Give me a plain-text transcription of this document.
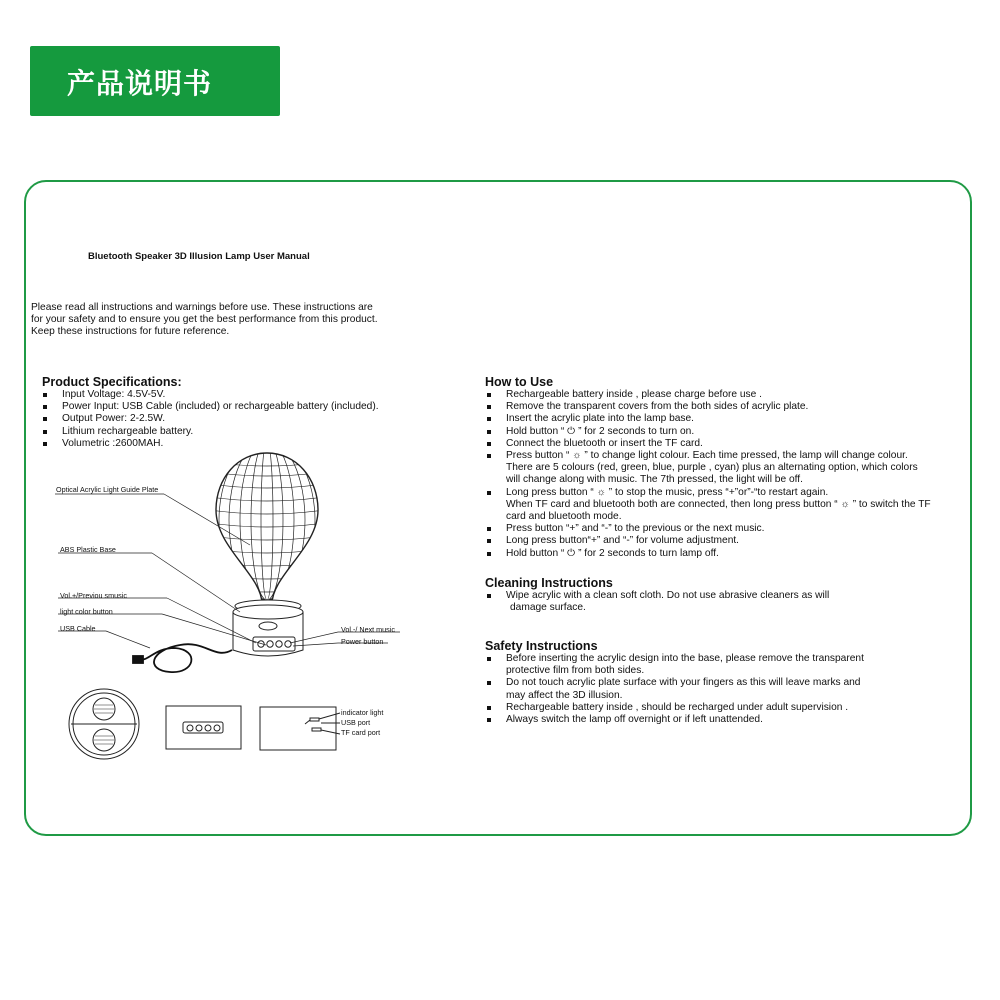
产品说明书
Bluetooth Speaker 3D Illusion Lamp User Manual
Please read all instructions and warnings before use. These instructions are
for your safety and to ensure you get the best performance from this product.
Keep these instructions for future reference.
Product Specifications:
Input Voltage: 4.5V-5V.
Power Input: USB Cable (included) or rechargeable battery (included).
Output Power: 2-2.5W.
Lithium rechargeable battery.
Volumetric :2600MAH.
Optical Acrylic Light Guide Plate
ABS Plastic Base
Vol.+/Previou smusic
light color button
USB Cable	Vol.-/ Next music
Power button
indicator light
USB port
TF card port
How to Use
Rechargeable battery inside , please charge before use .
Remove the transparent covers from the both sides of acrylic plate.
Insert the acrylic plate into the lamp base.
Hold button “ ⏻ ” for 2 seconds to turn on.
Connect the bluetooth or insert the TF card.
Press button “ ☼ ” to change light colour. Each time pressed, the lamp will change colour.
There are 5 colours (red, green, blue, purple , cyan) plus an alternating option, which colors
will change along with music. The 7th pressed, the light will be off.
Long press button “ ☼ ” to stop the music, press “+”or”-“to restart again.
When TF card and bluetooth both are connected, then long press button “ ☼ ” to switch the TF
card and bluetooth mode.
Press button “+” and “-” to the previous or the next music.
Long press button“+” and “-” for volume adjustment.
Hold button “ ⏻ ” for 2 seconds to turn lamp off.
Cleaning Instructions
Wipe acrylic with a clean soft cloth. Do not use abrasive cleaners as will
damage surface.
Safety Instructions
Before inserting the acrylic design into the base, please remove the transparent
protective film from both sides.
Do not touch acrylic plate surface with your fingers as this will leave marks and
may affect the 3D illusion.
Rechargeable battery inside , should be recharged under adult supervision .
Always switch the lamp off overnight or if left unattended.
